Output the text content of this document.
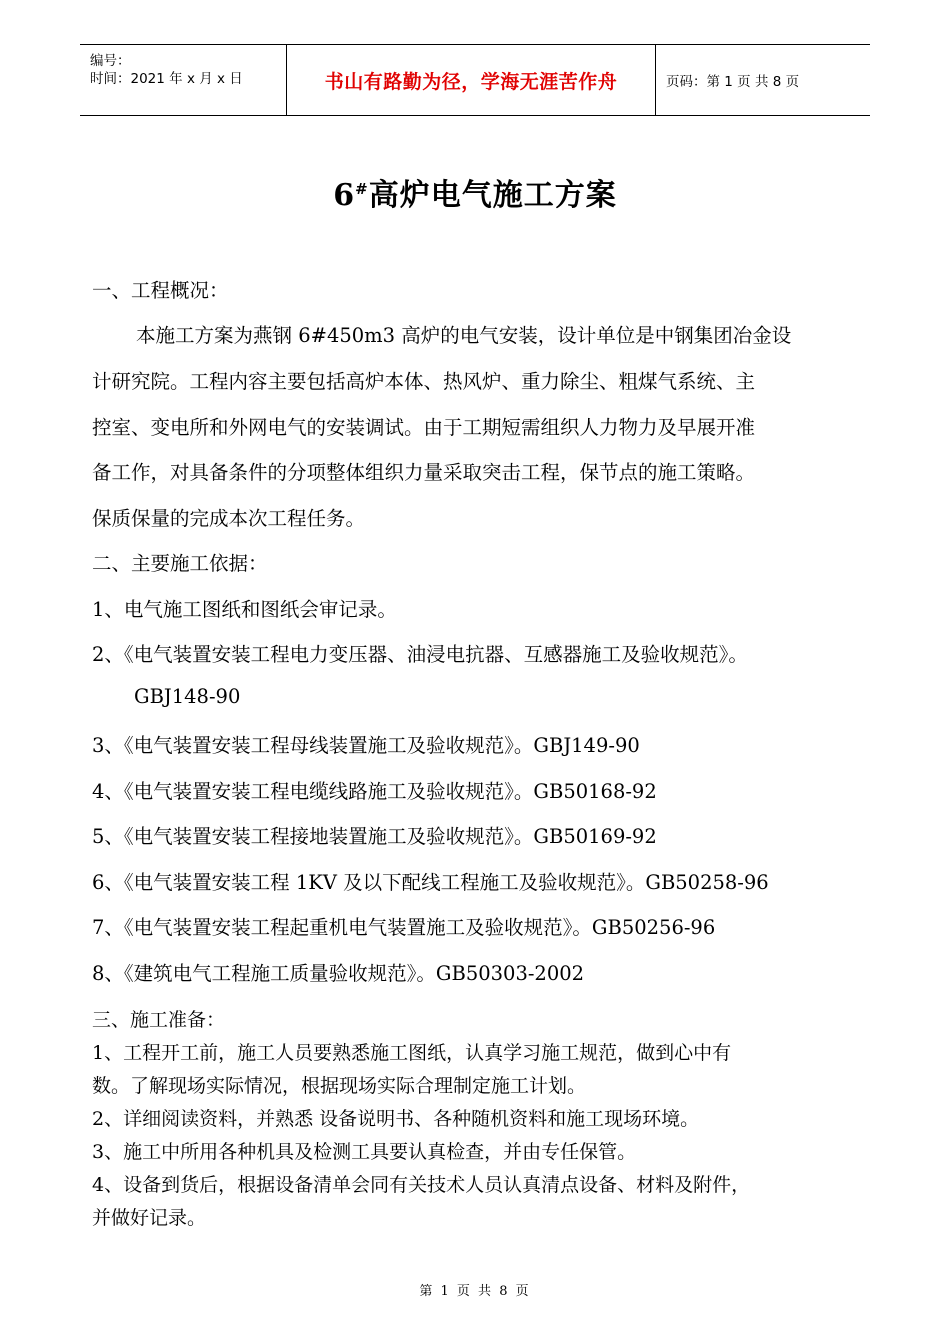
编号：
时间：2021 年 x 月 x 日	书山有路勤为径，学海无涯苦作舟	页码：第 1 页 共 8 页
6#高炉电气施工方案
一、工程概况：
本施工方案为燕钢 6#450m3 高炉的电气安装，设计单位是中钢集团冶金设
计研究院。工程内容主要包括高炉本体、热风炉、重力除尘、粗煤气系统、主
控室、变电所和外网电气的安装调试。由于工期短需组织人力物力及早展开准
备工作，对具备条件的分项整体组织力量采取突击工程，保节点的施工策略。
保质保量的完成本次工程任务。
二、主要施工依据：
1、电气施工图纸和图纸会审记录。
2、《电气装置安装工程电力变压器、油浸电抗器、互感器施工及验收规范》。
GBJ148-90
3、《电气装置安装工程母线装置施工及验收规范》。GBJ149-90
4、《电气装置安装工程电缆线路施工及验收规范》。GB50168-92
5、《电气装置安装工程接地装置施工及验收规范》。GB50169-92
6、《电气装置安装工程 1KV 及以下配线工程施工及验收规范》。GB50258-96
7、《电气装置安装工程起重机电气装置施工及验收规范》。GB50256-96
8、《建筑电气工程施工质量验收规范》。GB50303-2002
三、施工准备：
1、工程开工前，施工人员要熟悉施工图纸，认真学习施工规范，做到心中有
数。了解现场实际情况，根据现场实际合理制定施工计划。
2、详细阅读资料，并熟悉 设备说明书、各种随机资料和施工现场环境。
3、施工中所用各种机具及检测工具要认真检查，并由专任保管。
4、设备到货后，根据设备清单会同有关技术人员认真清点设备、材料及附件，
并做好记录。
第 1 页 共 8 页
